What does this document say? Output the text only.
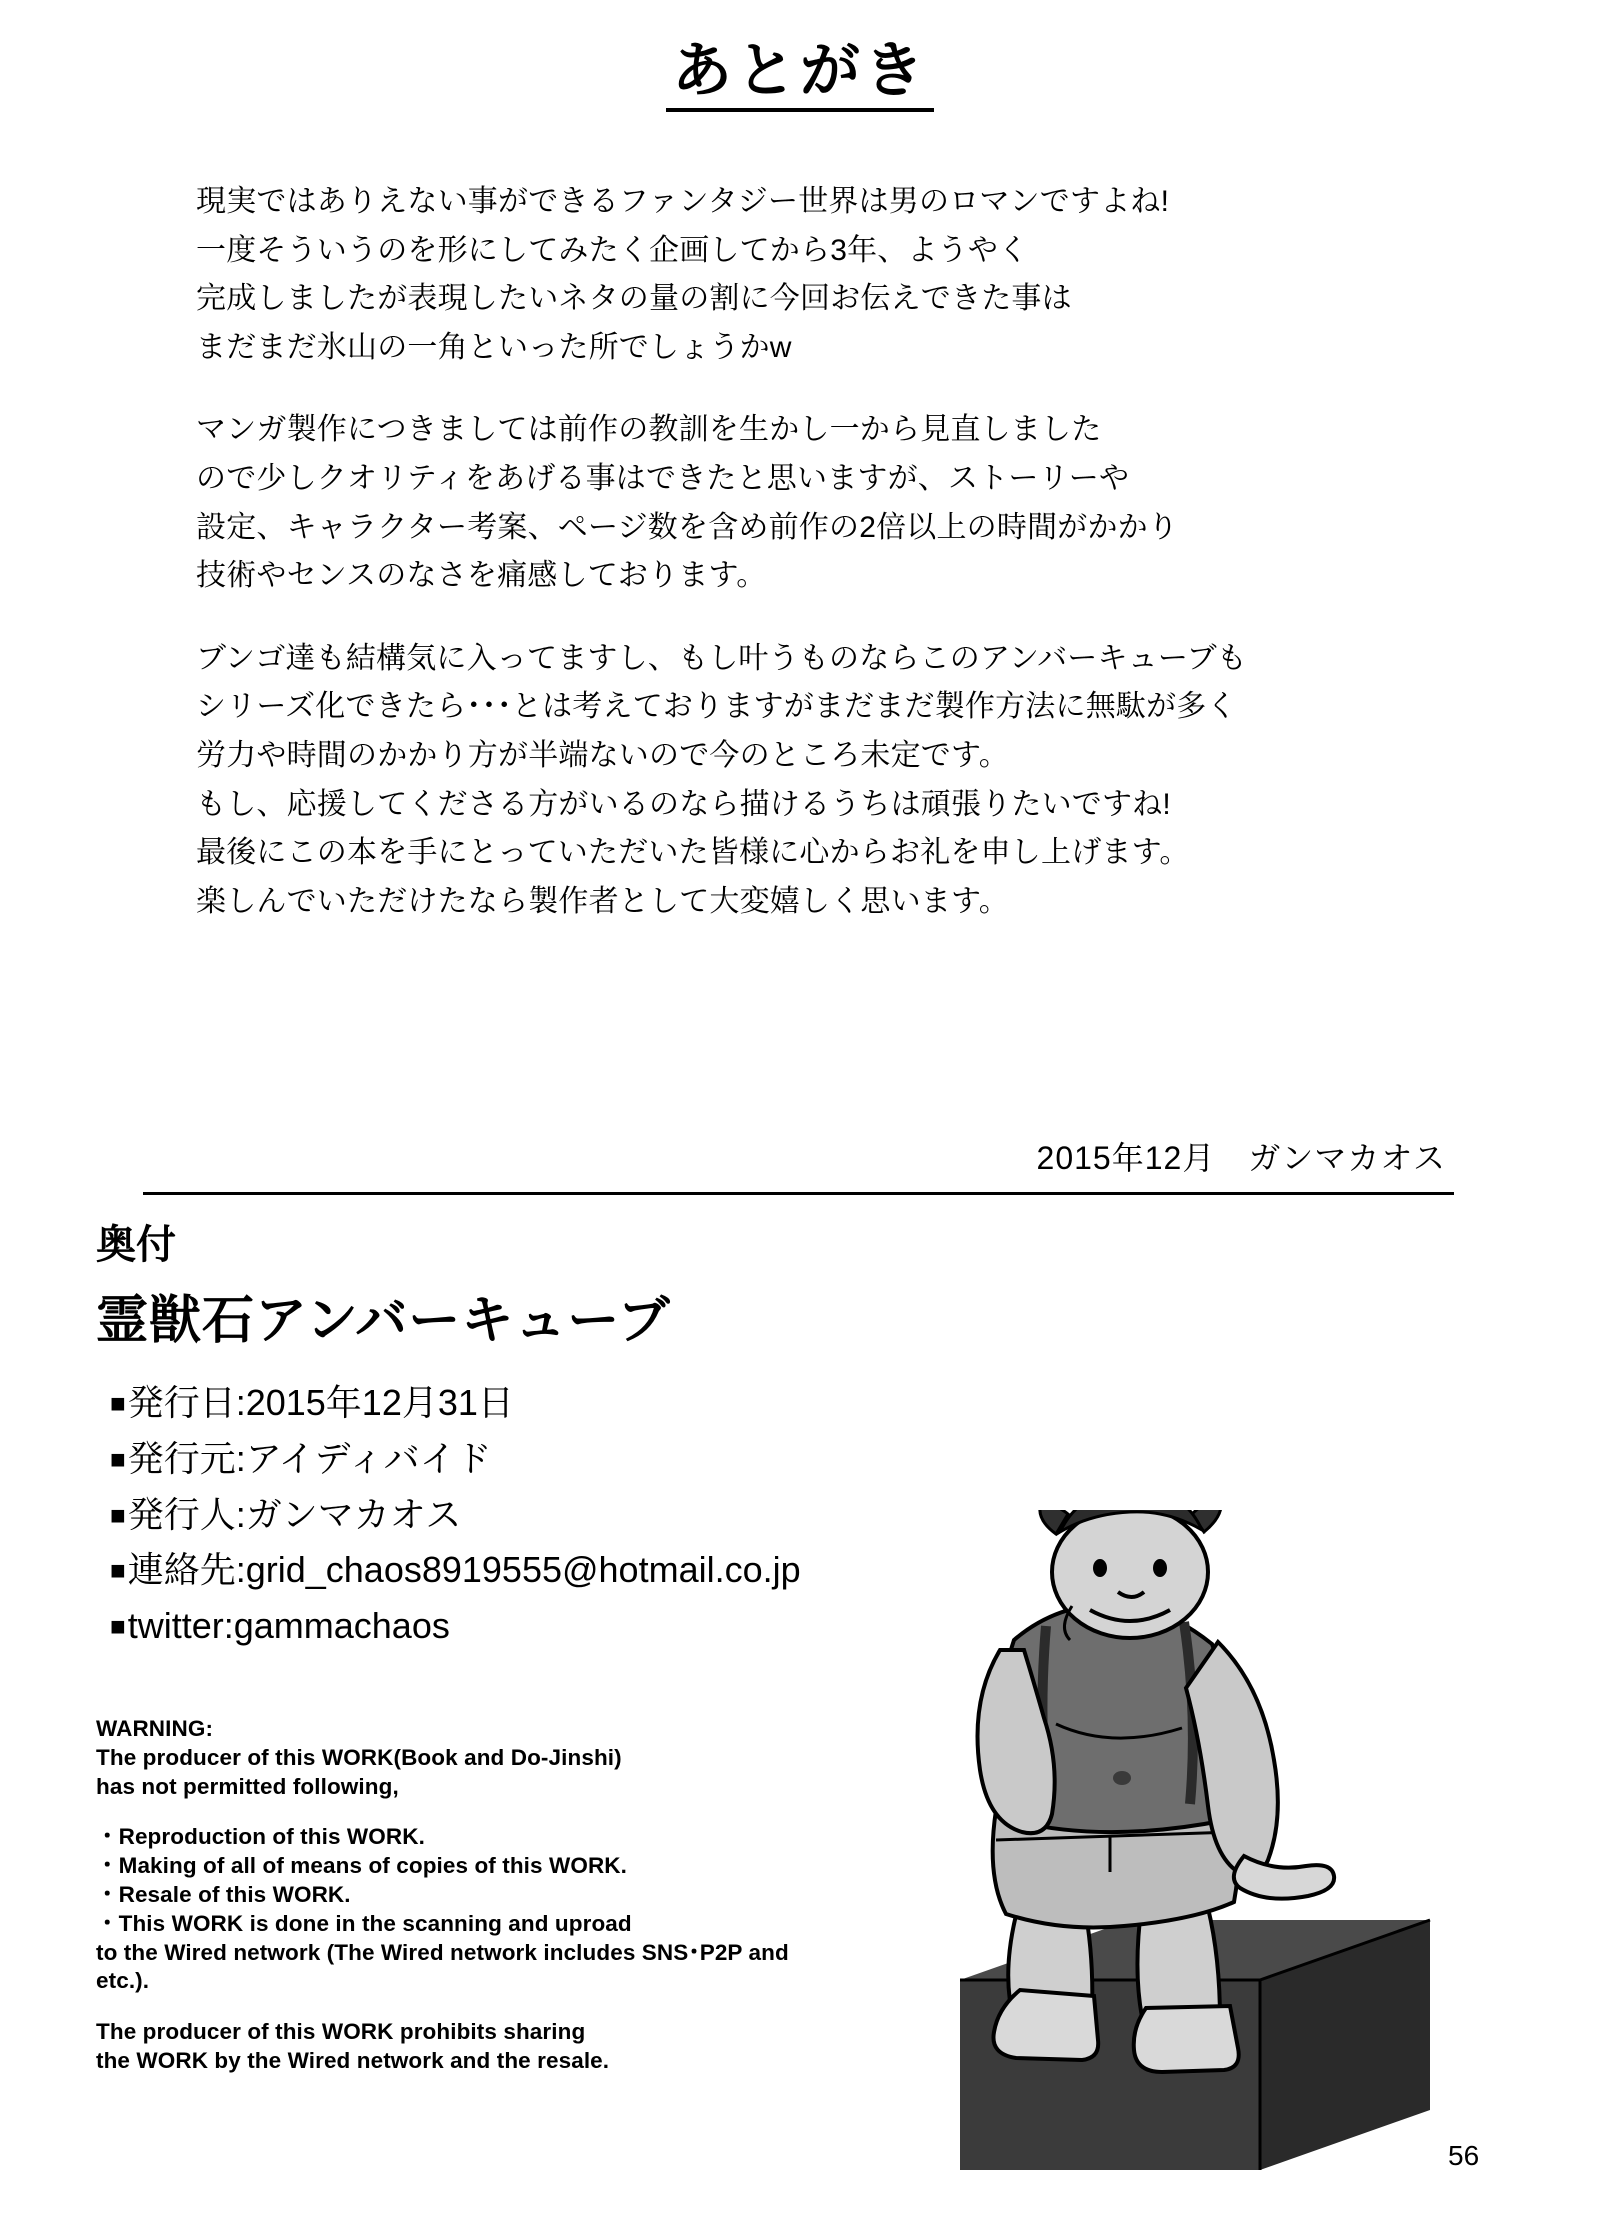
あとがき

現実ではありえない事ができるファンタジー世界は男のロマンですよね!

一度そういうのを形にしてみたく企画してから3年、ようやく

完成しましたが表現したいネタの量の割に今回お伝えできた事は

まだまだ氷山の一角といった所でしょうかw

マンガ製作につきましては前作の教訓を生かし一から見直しました

ので少しクオリティをあげる事はできたと思いますが、ストーリーや

設定、キャラクター考案、ページ数を含め前作の2倍以上の時間がかかり

技術やセンスのなさを痛感しております。

ブンゴ達も結構気に入ってますし、もし叶うものならこのアンバーキューブも

シリーズ化できたら･･･とは考えておりますがまだまだ製作方法に無駄が多く

労力や時間のかかり方が半端ないので今のところ未定です。

もし、応援してくださる方がいるのなら描けるうちは頑張りたいですね!

最後にこの本を手にとっていただいた皆様に心からお礼を申し上げます。

楽しんでいただけたなら製作者として大変嬉しく思います。

2015年12月　ガンマカオス
奥付
霊獣石アンバーキューブ
■発行日:2015年12月31日
■発行元:アイディバイド
■発行人:ガンマカオス
■連絡先:grid_chaos8919555@hotmail.co.jp
■twitter:gammachaos

WARNING:

The producer of this WORK(Book and Do-Jinshi)

has not permitted following,

・Reproduction of this WORK.

・Making of all of means of copies of this WORK.

・Resale of this WORK.

・This WORK is done in the scanning and uproad

to the Wired network (The Wired network includes SNS･P2P and etc.).

The producer of this WORK prohibits sharing

the WORK by the Wired network and the resale.

56
